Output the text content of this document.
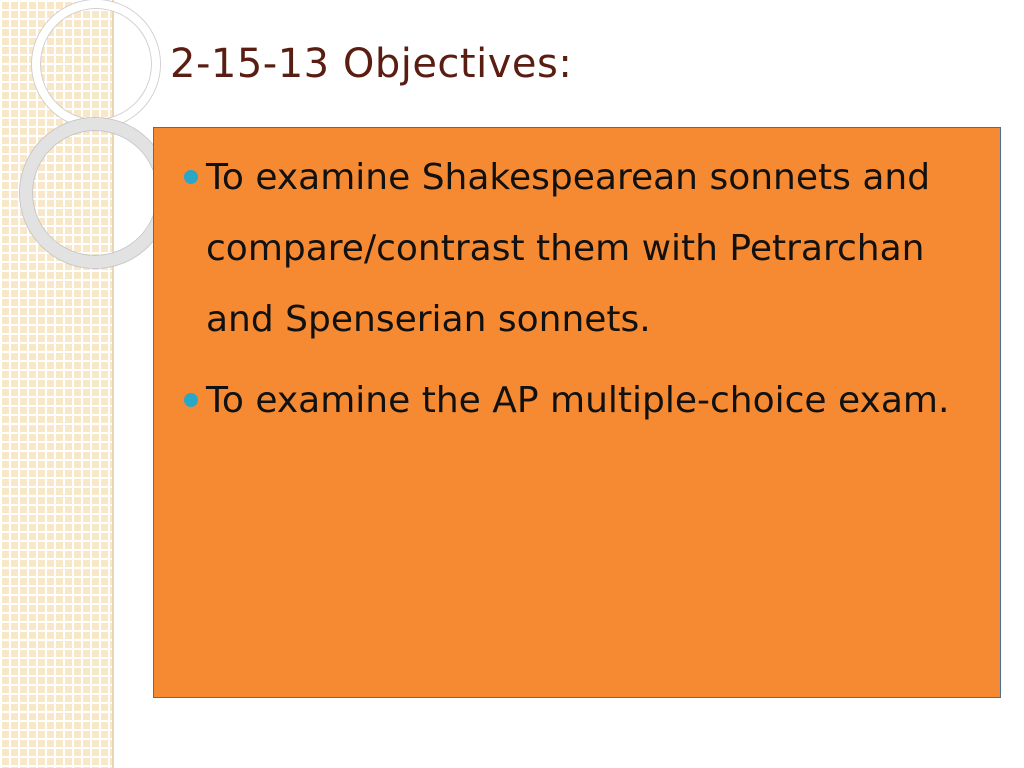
2-15-13 Objectives:
To examine Shakespearean sonnets and compare/contrast them with Petrarchan and Spenserian sonnets.
To examine the AP multiple-choice exam.
